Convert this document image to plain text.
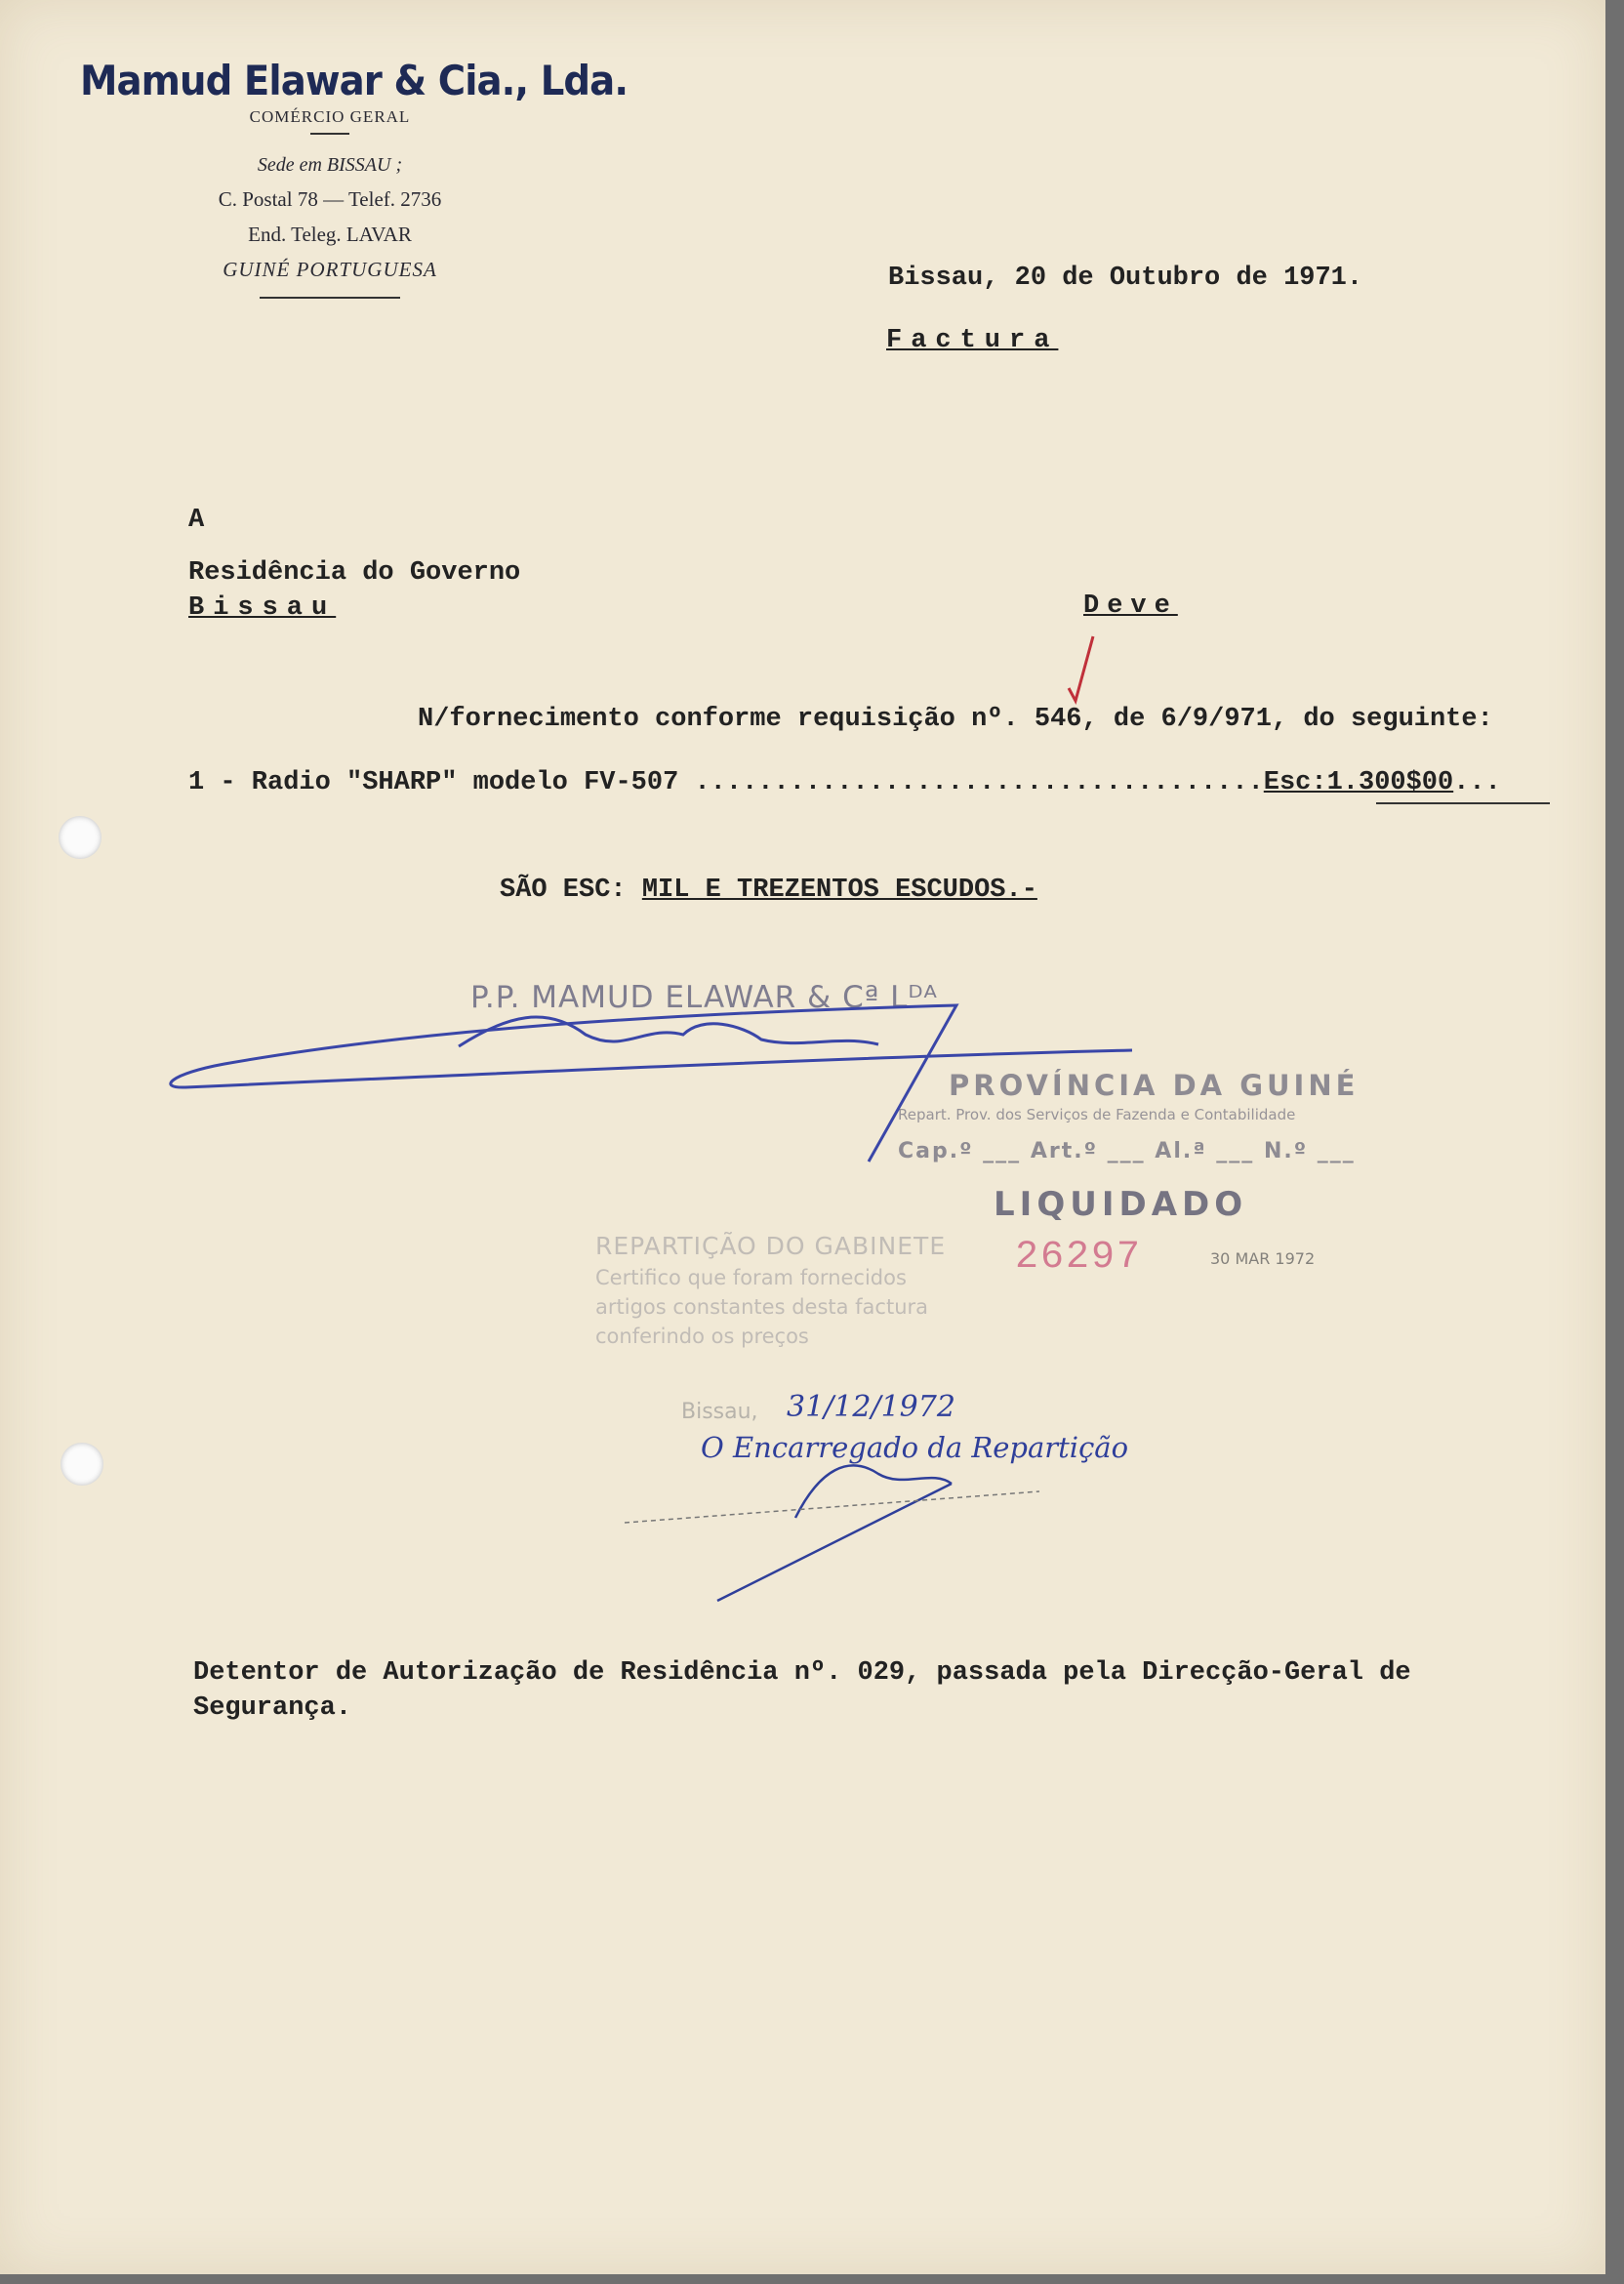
Mamud Elawar & Cia., Lda.
COMÉRCIO GERAL
Sede em BISSAU ;
C. Postal 78 — Telef. 2736
End. Teleg. LAVAR
GUINÉ PORTUGUESA	Bissau, 20 de Outubro de 1971.
Factura
A
Residência do Governo
Bissau	Deve
N/fornecimento conforme requisição nº. 546, de 6/9/971, do seguinte:
1 - Radio "SHARP" modelo FV-507 ....................................Esc:1.300$00...
SÃO ESC: MIL E TREZENTOS ESCUDOS.-
Detentor de Autorização de Residência nº. 029, passada pela Direcção-Geral de Segurança.
P.P. MAMUD ELAWAR & Cª Lᴰᴬ
PROVÍNCIA DA GUINÉ
Repart. Prov. dos Serviços de Fazenda e Contabilidade
Cap.º ___ Art.º ___ Al.ª ___ N.º ___
LIQUIDADO
26297	30 MAR 1972
REPARTIÇÃO DO GABINETE
Certifico que foram fornecidos
artigos constantes desta factura
conferindo os preços
Bissau, 31/12/1972
O Encarregado da Repartição
